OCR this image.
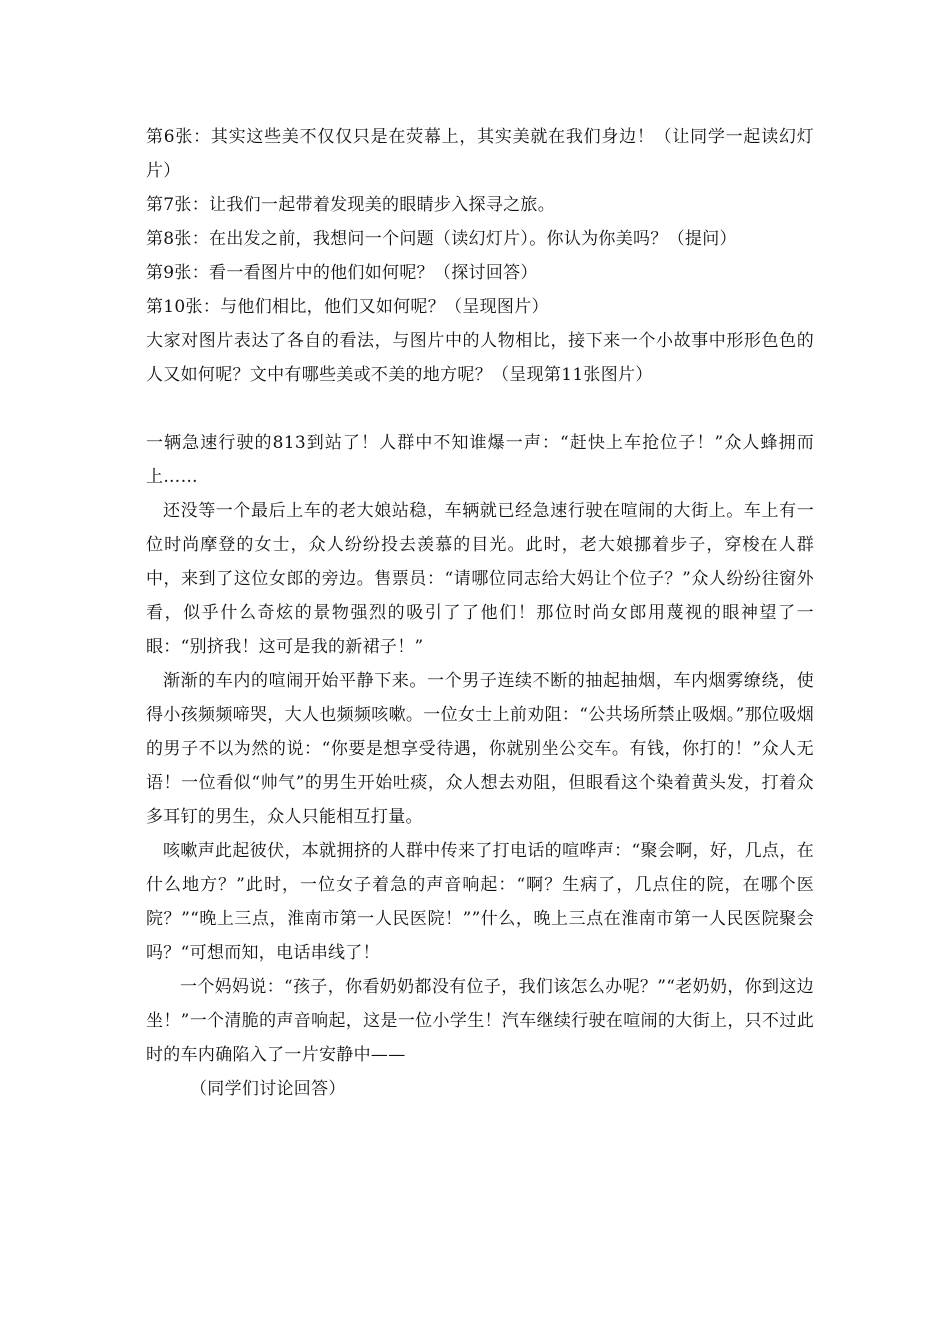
第6张：其实这些美不仅仅只是在荧幕上，其实美就在我们身边！（让同学一起读幻灯片）
第7张：让我们一起带着发现美的眼睛步入探寻之旅。
第8张：在出发之前，我想问一个问题（读幻灯片）。你认为你美吗？（提问）
第9张：看一看图片中的他们如何呢？（探讨回答）
第10张：与他们相比，他们又如何呢？（呈现图片）
大家对图片表达了各自的看法，与图片中的人物相比，接下来一个小故事中形形色色的人又如何呢？文中有哪些美或不美的地方呢？（呈现第11张图片）
一辆急速行驶的813到站了！人群中不知谁爆一声：“赶快上车抢位子！”众人蜂拥而上……
还没等一个最后上车的老大娘站稳，车辆就已经急速行驶在喧闹的大街上。车上有一位时尚摩登的女士，众人纷纷投去羡慕的目光。此时，老大娘挪着步子，穿梭在人群中，来到了这位女郎的旁边。售票员：“请哪位同志给大妈让个位子？”众人纷纷往窗外看，似乎什么奇炫的景物强烈的吸引了了他们！那位时尚女郎用蔑视的眼神望了一眼：“别挤我！这可是我的新裙子！”
渐渐的车内的喧闹开始平静下来。一个男子连续不断的抽起抽烟，车内烟雾缭绕，使得小孩频频啼哭，大人也频频咳嗽。一位女士上前劝阻：“公共场所禁止吸烟。”那位吸烟的男子不以为然的说：“你要是想享受待遇，你就别坐公交车。有钱，你打的！”众人无语！一位看似“帅气”的男生开始吐痰，众人想去劝阻，但眼看这个染着黄头发，打着众多耳钉的男生，众人只能相互打量。
咳嗽声此起彼伏，本就拥挤的人群中传来了打电话的喧哗声：“聚会啊，好，几点，在什么地方？”此时，一位女子着急的声音响起：“啊？生病了，几点住的院，在哪个医院？”“晚上三点，淮南市第一人民医院！””什么，晚上三点在淮南市第一人民医院聚会吗？“可想而知，电话串线了！
一个妈妈说：“孩子，你看奶奶都没有位子，我们该怎么办呢？”“老奶奶，你到这边坐！”一个清脆的声音响起，这是一位小学生！汽车继续行驶在喧闹的大街上，只不过此时的车内确陷入了一片安静中——
（同学们讨论回答）
